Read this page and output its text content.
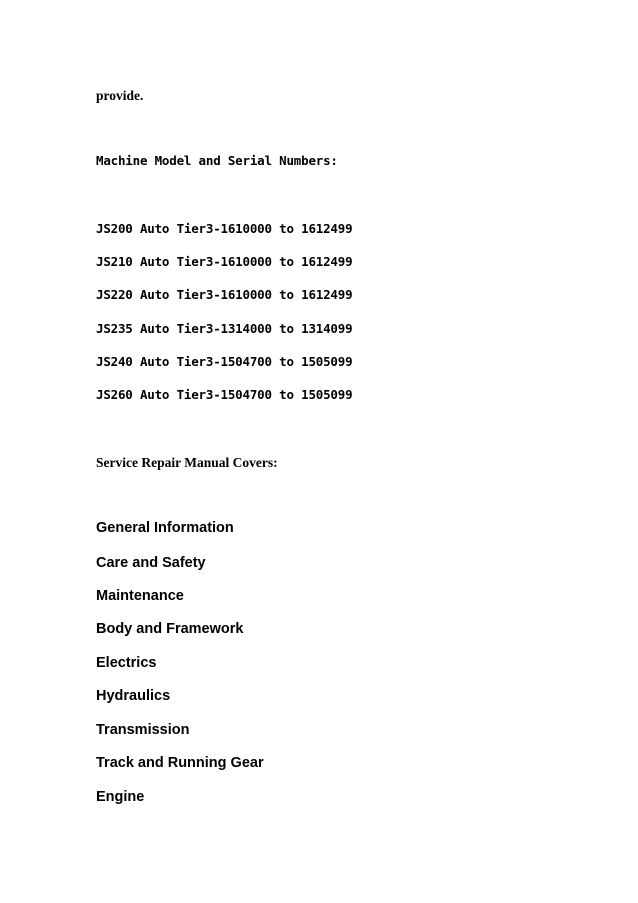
provide.
Machine Model and Serial Numbers:
JS200 Auto Tier3-1610000 to 1612499
JS210 Auto Tier3-1610000 to 1612499
JS220 Auto Tier3-1610000 to 1612499
JS235 Auto Tier3-1314000 to 1314099
JS240 Auto Tier3-1504700 to 1505099
JS260 Auto Tier3-1504700 to 1505099
Service Repair Manual Covers:
General Information
Care and Safety
Maintenance
Body and Framework
Electrics
Hydraulics
Transmission
Track and Running Gear
Engine
